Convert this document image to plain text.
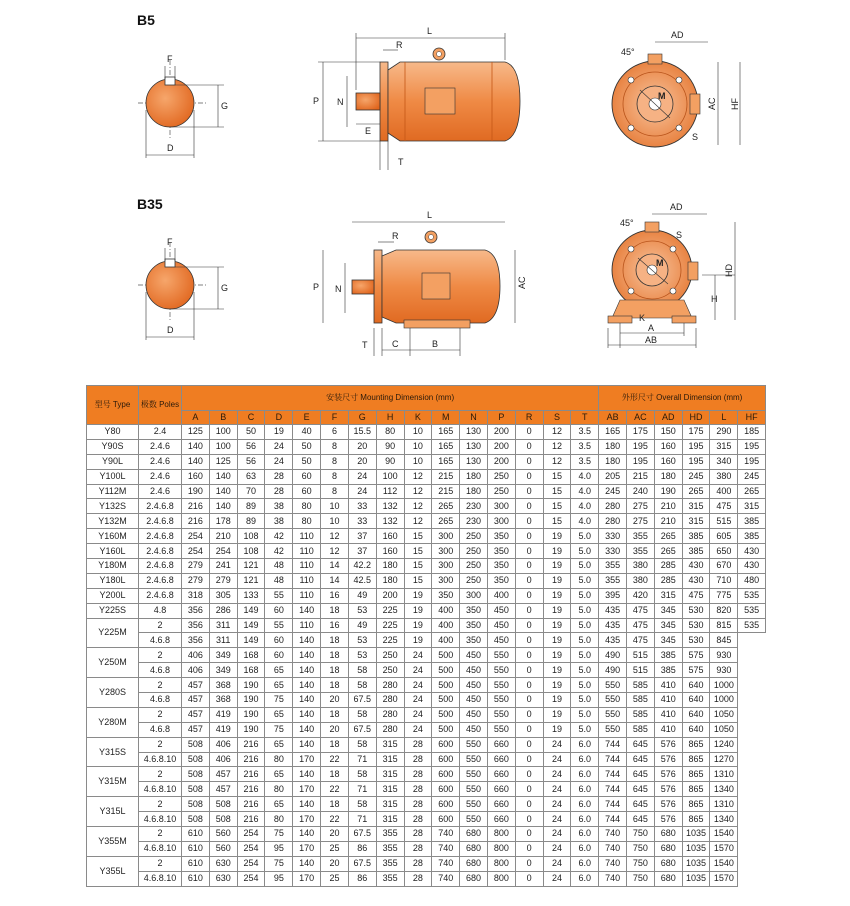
B5
B35
F
G
D
L
R
P N
E
T
AD
HF
AC
M
45°
S
F
G
D
L
R
P N	AC
T	C	B
AD
HD
H
A
AB
M
45°
S
K
型号 Type	极数 Poles	安装尺寸 Mounting Dimension (mm)															外形尺寸 Overall Dimension (mm)					
		A	B	C	D	E	F	G	H	K	M	N	P	R	S	T	AB	AC	AD	HD	L	HF
Y80	2.4	125	100	50	19	40	6	15.5	80	10	165	130	200	0	12	3.5	165	175	150	175	290	185
Y90S	2.4.6	140	100	56	24	50	8	20	90	10	165	130	200	0	12	3.5	180	195	160	195	315	195
Y90L	2.4.6	140	125	56	24	50	8	20	90	10	165	130	200	0	12	3.5	180	195	160	195	340	195
Y100L	2.4.6	160	140	63	28	60	8	24	100	12	215	180	250	0	15	4.0	205	215	180	245	380	245
Y112M	2.4.6	190	140	70	28	60	8	24	112	12	215	180	250	0	15	4.0	245	240	190	265	400	265
Y132S	2.4.6.8	216	140	89	38	80	10	33	132	12	265	230	300	0	15	4.0	280	275	210	315	475	315
Y132M	2.4.6.8	216	178	89	38	80	10	33	132	12	265	230	300	0	15	4.0	280	275	210	315	515	385
Y160M	2.4.6.8	254	210	108	42	110	12	37	160	15	300	250	350	0	19	5.0	330	355	265	385	605	385
Y160L	2.4.6.8	254	254	108	42	110	12	37	160	15	300	250	350	0	19	5.0	330	355	265	385	650	430
Y180M	2.4.6.8	279	241	121	48	110	14	42.2	180	15	300	250	350	0	19	5.0	355	380	285	430	670	430
Y180L	2.4.6.8	279	279	121	48	110	14	42.5	180	15	300	250	350	0	19	5.0	355	380	285	430	710	480
Y200L	2.4.6.8	318	305	133	55	110	16	49	200	19	350	300	400	0	19	5.0	395	420	315	475	775	535
Y225S	4.8	356	286	149	60	140	18	53	225	19	400	350	450	0	19	5.0	435	475	345	530	820	535
Y225M	2	356	311	149	55	110	16	49	225	19	400	350	450	0	19	5.0	435	475	345	530	815	535
	4.6.8	356	311	149	60	140	18	53	225	19	400	350	450	0	19	5.0	435	475	345	530	845	
Y250M	2	406	349	168	60	140	18	53	250	24	500	450	550	0	19	5.0	490	515	385	575	930	
	4.6.8	406	349	168	65	140	18	58	250	24	500	450	550	0	19	5.0	490	515	385	575	930	
Y280S	2	457	368	190	65	140	18	58	280	24	500	450	550	0	19	5.0	550	585	410	640	1000	
	4.6.8	457	368	190	75	140	20	67.5	280	24	500	450	550	0	19	5.0	550	585	410	640	1000	
Y280M	2	457	419	190	65	140	18	58	280	24	500	450	550	0	19	5.0	550	585	410	640	1050	
	4.6.8	457	419	190	75	140	20	67.5	280	24	500	450	550	0	19	5.0	550	585	410	640	1050	
Y315S	2	508	406	216	65	140	18	58	315	28	600	550	660	0	24	6.0	744	645	576	865	1240	
	4.6.8.10	508	406	216	80	170	22	71	315	28	600	550	660	0	24	6.0	744	645	576	865	1270	
Y315M	2	508	457	216	65	140	18	58	315	28	600	550	660	0	24	6.0	744	645	576	865	1310	
	4.6.8.10	508	457	216	80	170	22	71	315	28	600	550	660	0	24	6.0	744	645	576	865	1340	
Y315L	2	508	508	216	65	140	18	58	315	28	600	550	660	0	24	6.0	744	645	576	865	1310	
	4.6.8.10	508	508	216	80	170	22	71	315	28	600	550	660	0	24	6.0	744	645	576	865	1340	
Y355M	2	610	560	254	75	140	20	67.5	355	28	740	680	800	0	24	6.0	740	750	680	1035	1540	
	4.6.8.10	610	560	254	95	170	25	86	355	28	740	680	800	0	24	6.0	740	750	680	1035	1570	
Y355L	2	610	630	254	75	140	20	67.5	355	28	740	680	800	0	24	6.0	740	750	680	1035	1540	
	4.6.8.10	610	630	254	95	170	25	86	355	28	740	680	800	0	24	6.0	740	750	680	1035	1570	
